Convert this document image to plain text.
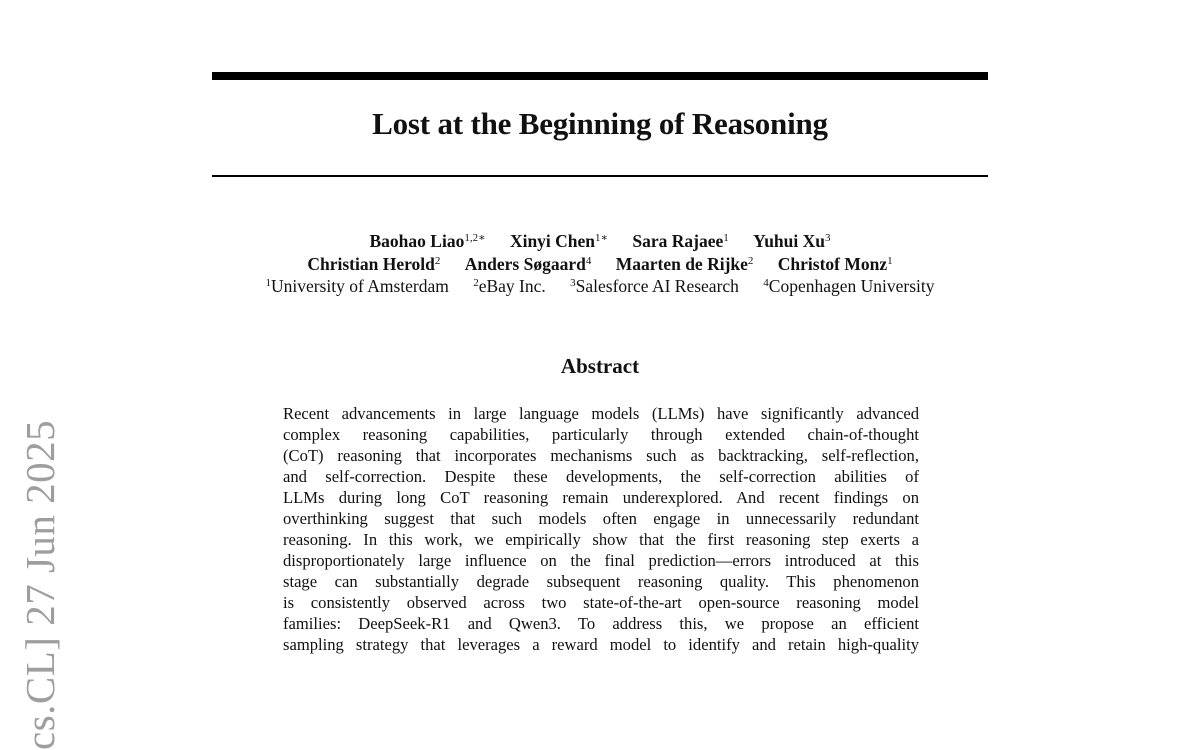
Lost at the Beginning of Reasoning
Baohao Liao$^{1,2∗}$ Xinyi Chen$^{1∗}$ Sara Rajaee$^1$ Yuhui Xu$^3$
Christian Herold$^2$ Anders Søgaard$^4$ Maarten de Rijke$^2$ Christof Monz$^1$
$^1$University of Amsterdam $^2$eBay Inc. $^3$Salesforce AI Research $^4$Copenhagen University
Abstract
Recent advancements in large language models (LLMs) have significantly advanced
complex reasoning capabilities, particularly through extended chain-of-thought
(CoT) reasoning that incorporates mechanisms such as backtracking, self-reflection,
and self-correction. Despite these developments, the self-correction abilities of
LLMs during long CoT reasoning remain underexplored. And recent findings on
overthinking suggest that such models often engage in unnecessarily redundant
reasoning. In this work, we empirically show that the first reasoning step exerts a
disproportionately large influence on the final prediction—errors introduced at this
stage can substantially degrade subsequent reasoning quality. This phenomenon
is consistently observed across two state-of-the-art open-source reasoning model
families: DeepSeek-R1 and Qwen3. To address this, we propose an efficient
sampling strategy that leverages a reward model to identify and retain high-quality
cs.CL] 27 Jun 2025
